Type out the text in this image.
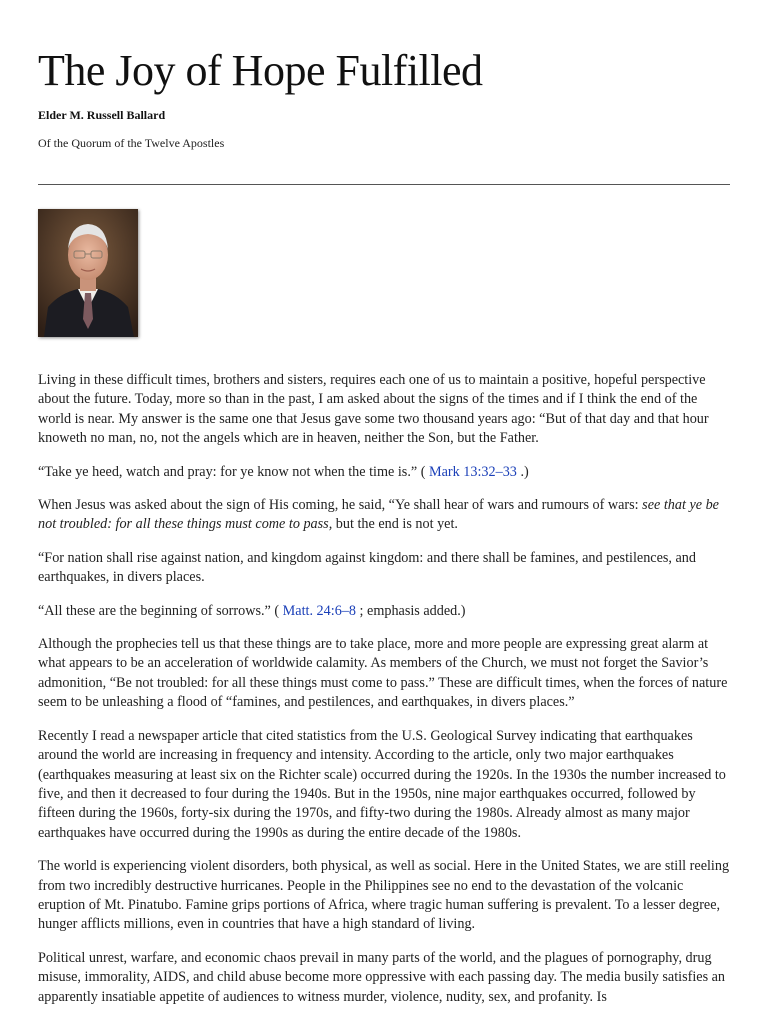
The Joy of Hope Fulfilled
Elder M. Russell Ballard
Of the Quorum of the Twelve Apostles

Living in these difficult times, brothers and sisters, requires each one of us to maintain a positive, hopeful perspective about the future. Today, more so than in the past, I am asked about the signs of the times and if I think the end of the world is near. My answer is the same one that Jesus gave some two thousand years ago: “But of that day and that hour knoweth no man, no, not the angels which are in heaven, neither the Son, but the Father.

“Take ye heed, watch and pray: for ye know not when the time is.” ( Mark 13:32–33 .)

When Jesus was asked about the sign of His coming, he said, “Ye shall hear of wars and rumours of wars: see that ye be not troubled: for all these things must come to pass, but the end is not yet.

“For nation shall rise against nation, and kingdom against kingdom: and there shall be famines, and pestilences, and earthquakes, in divers places.

“All these are the beginning of sorrows.” ( Matt. 24:6–8 ; emphasis added.)

Although the prophecies tell us that these things are to take place, more and more people are expressing great alarm at what appears to be an acceleration of worldwide calamity. As members of the Church, we must not forget the Savior’s admonition, “Be not troubled: for all these things must come to pass.” These are difficult times, when the forces of nature seem to be unleashing a flood of “famines, and pestilences, and earthquakes, in divers places.”

Recently I read a newspaper article that cited statistics from the U.S. Geological Survey indicating that earthquakes around the world are increasing in frequency and intensity. According to the article, only two major earthquakes (earthquakes measuring at least six on the Richter scale) occurred during the 1920s. In the 1930s the number increased to five, and then it decreased to four during the 1940s. But in the 1950s, nine major earthquakes occurred, followed by fifteen during the 1960s, forty-six during the 1970s, and fifty-two during the 1980s. Already almost as many major earthquakes have occurred during the 1990s as during the entire decade of the 1980s.

The world is experiencing violent disorders, both physical, as well as social. Here in the United States, we are still reeling from two incredibly destructive hurricanes. People in the Philippines see no end to the devastation of the volcanic eruption of Mt. Pinatubo. Famine grips portions of Africa, where tragic human suffering is prevalent. To a lesser degree, hunger afflicts millions, even in countries that have a high standard of living.

Political unrest, warfare, and economic chaos prevail in many parts of the world, and the plagues of pornography, drug misuse, immorality, AIDS, and child abuse become more oppressive with each passing day. The media busily satisfies an apparently insatiable appetite of audiences to witness murder, violence, nudity, sex, and profanity. Is
